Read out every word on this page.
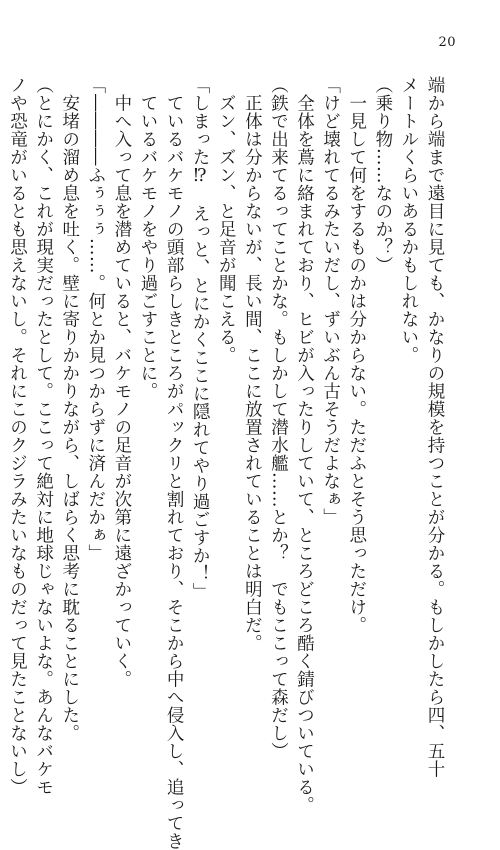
20
端から端まで遠目に見ても、かなりの規模を持つことが分かる。もしかしたら四、五十
メートルくらいあるかもしれない。
（乗り物……なのか？）
　一見して何をするものかは分からない。ただふとそう思っただけ。
「けど壊れてるみたいだし、ずいぶん古そうだよなぁ」
　全体を蔦に絡まれており、ヒビが入ったりしていて、ところどころ酷く錆びついている。
（鉄で出来てるってことかな。もしかして潜水艦……とか？　でもここって森だし）
　正体は分からないが、長い間、ここに放置されていることは明白だ。
　ズン、ズン、と足音が聞こえる。
「しまった⁉　えっと、とにかくここに隠れてやり過ごすか！」
　ているバケモノの頭部らしきところがパックリと割れており、そこから中へ侵入し、追ってき
　ているバケモノをやり過ごすことに。
　中へ入って息を潜めていると、バケモノの足音が次第に遠ざかっていく。
「――――ふぅぅぅ……。何とか見つからずに済んだかぁ」
　安堵の溜め息を吐く。壁に寄りかかりながら、しばらく思考に耽ることにした。
（とにかく、これが現実だったとして。ここって絶対に地球じゃないよな。あんなバケモ
ノや恐竜がいるとも思えないし。それにこのクジラみたいなものだって見たことないし）
